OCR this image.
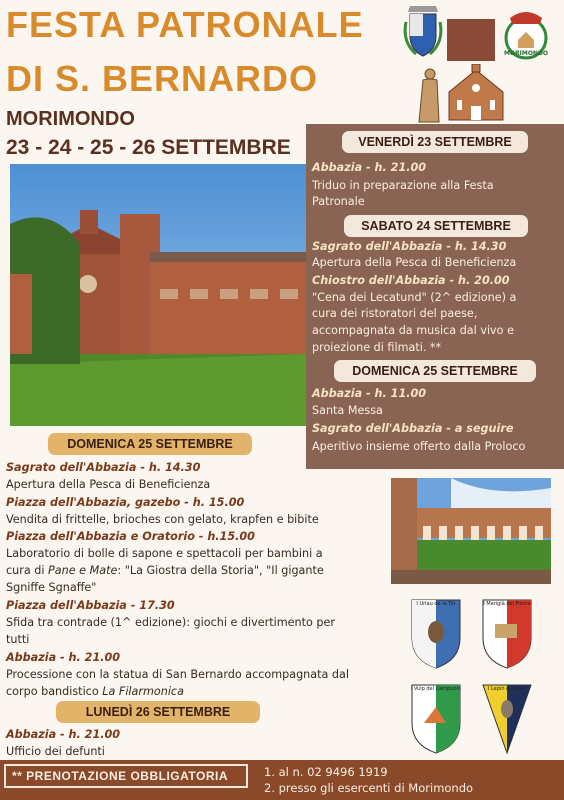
FESTA PATRONALE
DI S. BERNARDO
MORIMONDO
23 - 24 - 25 - 26 SETTEMBRE
MORIMONDO
VENERDÌ 23 SETTEMBRE
Abbazia - h. 21.00
Triduo in preparazione alla Festa
Patronale
SABATO 24 SETTEMBRE
Sagrato dell'Abbazia - h. 14.30
Apertura della Pesca di Beneficienza
Chiostro dell'Abbazia - h. 20.00
"Cena dei Lecatund" (2^ edizione) a
cura dei ristoratori del paese,
accompagnata da musica dal vivo e
proiezione di filmati. **
DOMENICA 25 SETTEMBRE
Abbazia - h. 11.00
Santa Messa
Sagrato dell'Abbazia - a seguire
Aperitivo insieme offerto dalla Proloco
DOMENICA 25 SETTEMBRE
Sagrato dell'Abbazia - h. 14.30
Apertura della Pesca di Beneficienza
Piazza dell'Abbazia, gazebo - h. 15.00
Vendita di frittelle, brioches con gelato, krapfen e bibite
Piazza dell'Abbazia e Oratorio - h.15.00
Laboratorio di bolle di sapone e spettacoli per bambini a
cura di Pane e Mate: "La Giostra della Storia", "Il gigante
Sgniffe Sgnaffe"
Piazza dell'Abbazia - 17.30
Sfida tra contrade (1^ edizione): giochi e divertimento per
tutti
Abbazia - h. 21.00
Processione con la statua di San Bernardo accompagnata dal
corpo bandistico La Filarmonica
LUNEDÌ 26 SETTEMBRE
Abbazia - h. 21.00
Ufficio dei defunti
I Urlau de la Tor	I Marigià del Fiorna
I Vulp del Campunin	I Lepin di Cusin
** PRENOTAZIONE OBBLIGATORIA	1. al n. 02 9496 1919
2. presso gli esercenti di Morimondo
